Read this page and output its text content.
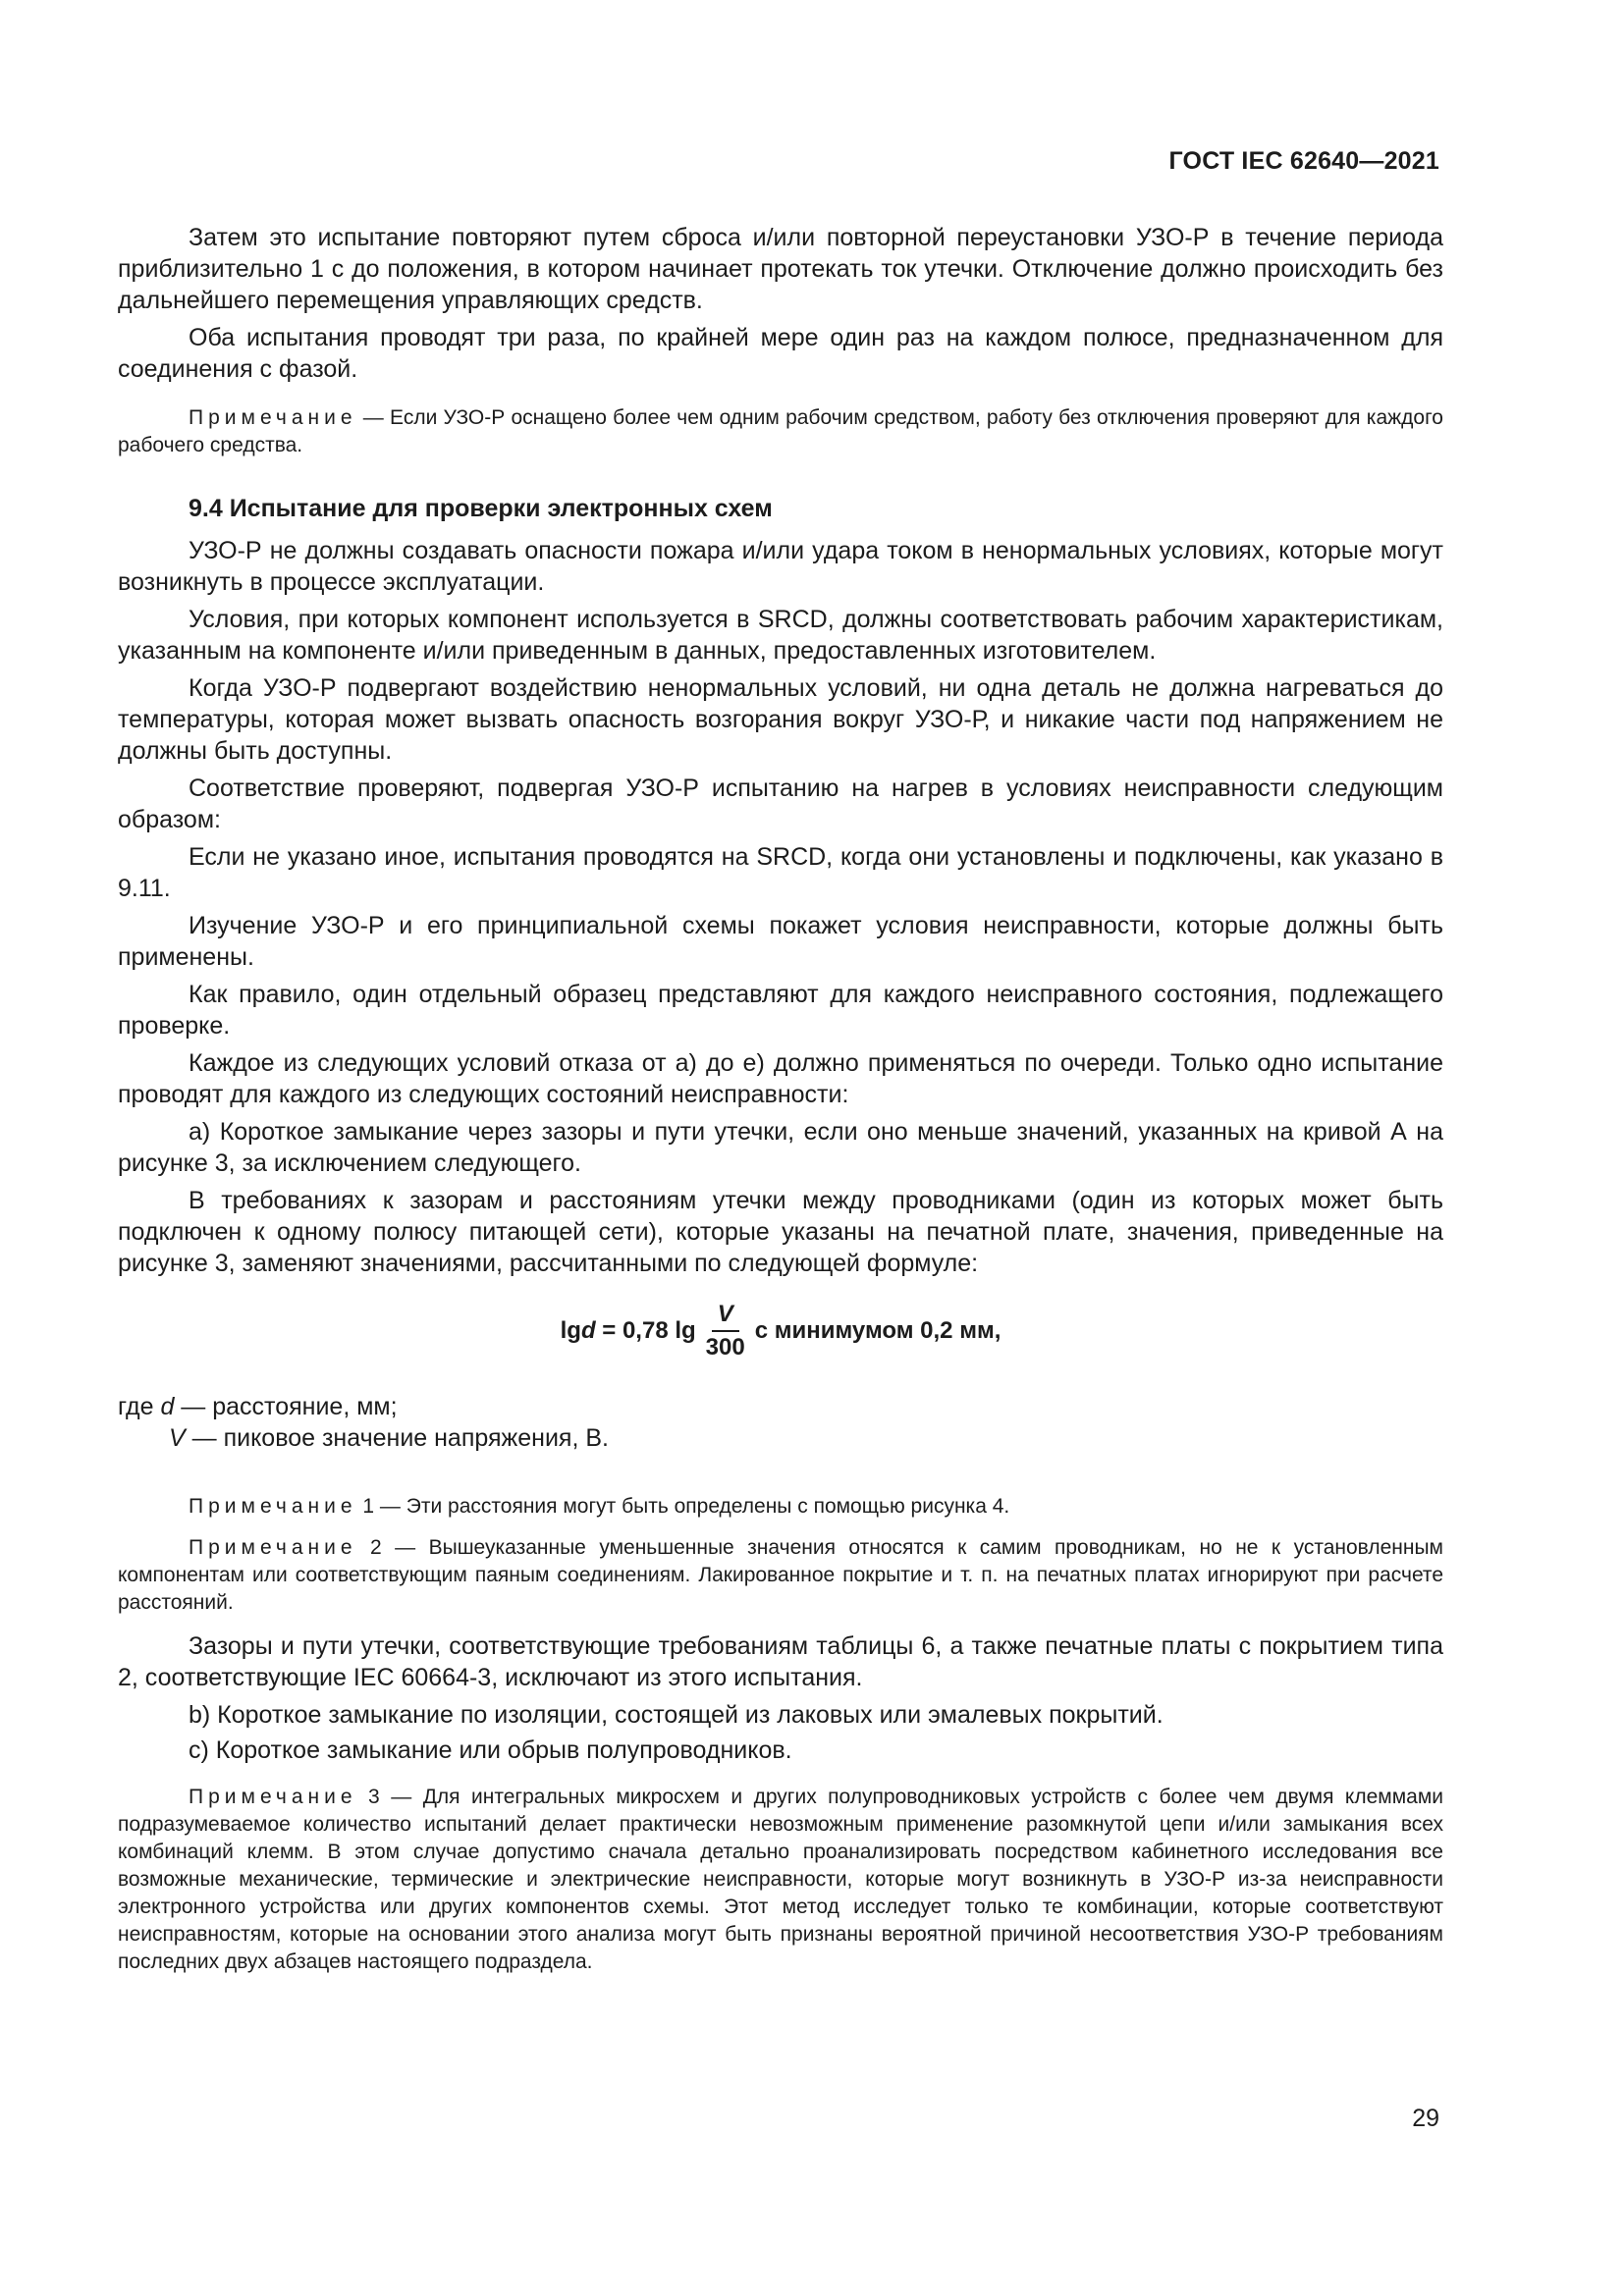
ГОСТ IEC 62640—2021

Затем это испытание повторяют путем сброса и/или повторной переустановки УЗО-Р в течение периода приблизительно 1 с до положения, в котором начинает протекать ток утечки. Отключение должно происходить без дальнейшего перемещения управляющих средств.

Оба испытания проводят три раза, по крайней мере один раз на каждом полюсе, предназначенном для соединения с фазой.

Примечание — Если УЗО-Р оснащено более чем одним рабочим средством, работу без отключения проверяют для каждого рабочего средства.

9.4 Испытание для проверки электронных схем

УЗО-Р не должны создавать опасности пожара и/или удара током в ненормальных условиях, которые могут возникнуть в процессе эксплуатации.

Условия, при которых компонент используется в SRCD, должны соответствовать рабочим характеристикам, указанным на компоненте и/или приведенным в данных, предоставленных изготовителем.

Когда УЗО-Р подвергают воздействию ненормальных условий, ни одна деталь не должна нагреваться до температуры, которая может вызвать опасность возгорания вокруг УЗО-Р, и никакие части под напряжением не должны быть доступны.

Соответствие проверяют, подвергая УЗО-Р испытанию на нагрев в условиях неисправности следующим образом:

Если не указано иное, испытания проводятся на SRCD, когда они установлены и подключены, как указано в 9.11.

Изучение УЗО-Р и его принципиальной схемы покажет условия неисправности, которые должны быть применены.

Как правило, один отдельный образец представляют для каждого неисправного состояния, подлежащего проверке.

Каждое из следующих условий отказа от a) до e) должно применяться по очереди. Только одно испытание проводят для каждого из следующих состояний неисправности:

а) Короткое замыкание через зазоры и пути утечки, если оно меньше значений, указанных на кривой А на рисунке 3, за исключением следующего.

В требованиях к зазорам и расстояниям утечки между проводниками (один из которых может быть подключен к одному полюсу питающей сети), которые указаны на печатной плате, значения, приведенные на рисунке 3, заменяют значениями, рассчитанными по следующей формуле:

lgd = 0,78 $\lg \frac{V}{300}$ с минимумом 0,2 мм,

где d — расстояние, мм;

V — пиковое значение напряжения, В.

Примечание 1 — Эти расстояния могут быть определены с помощью рисунка 4.

Примечание 2 — Вышеуказанные уменьшенные значения относятся к самим проводникам, но не к установленным компонентам или соответствующим паяным соединениям. Лакированное покрытие и т. п. на печатных платах игнорируют при расчете расстояний.

Зазоры и пути утечки, соответствующие требованиям таблицы 6, а также печатные платы с покрытием типа 2, соответствующие IEC 60664-3, исключают из этого испытания.

b) Короткое замыкание по изоляции, состоящей из лаковых или эмалевых покрытий.

c) Короткое замыкание или обрыв полупроводников.

Примечание 3 — Для интегральных микросхем и других полупроводниковых устройств с более чем двумя клеммами подразумеваемое количество испытаний делает практически невозможным применение разомкнутой цепи и/или замыкания всех комбинаций клемм. В этом случае допустимо сначала детально проанализировать посредством кабинетного исследования все возможные механические, термические и электрические неисправности, которые могут возникнуть в УЗО-Р из-за неисправности электронного устройства или других компонентов схемы. Этот метод исследует только те комбинации, которые соответствуют неисправностям, которые на основании этого анализа могут быть признаны вероятной причиной несоответствия УЗО-Р требованиям последних двух абзацев настоящего подраздела.

29
